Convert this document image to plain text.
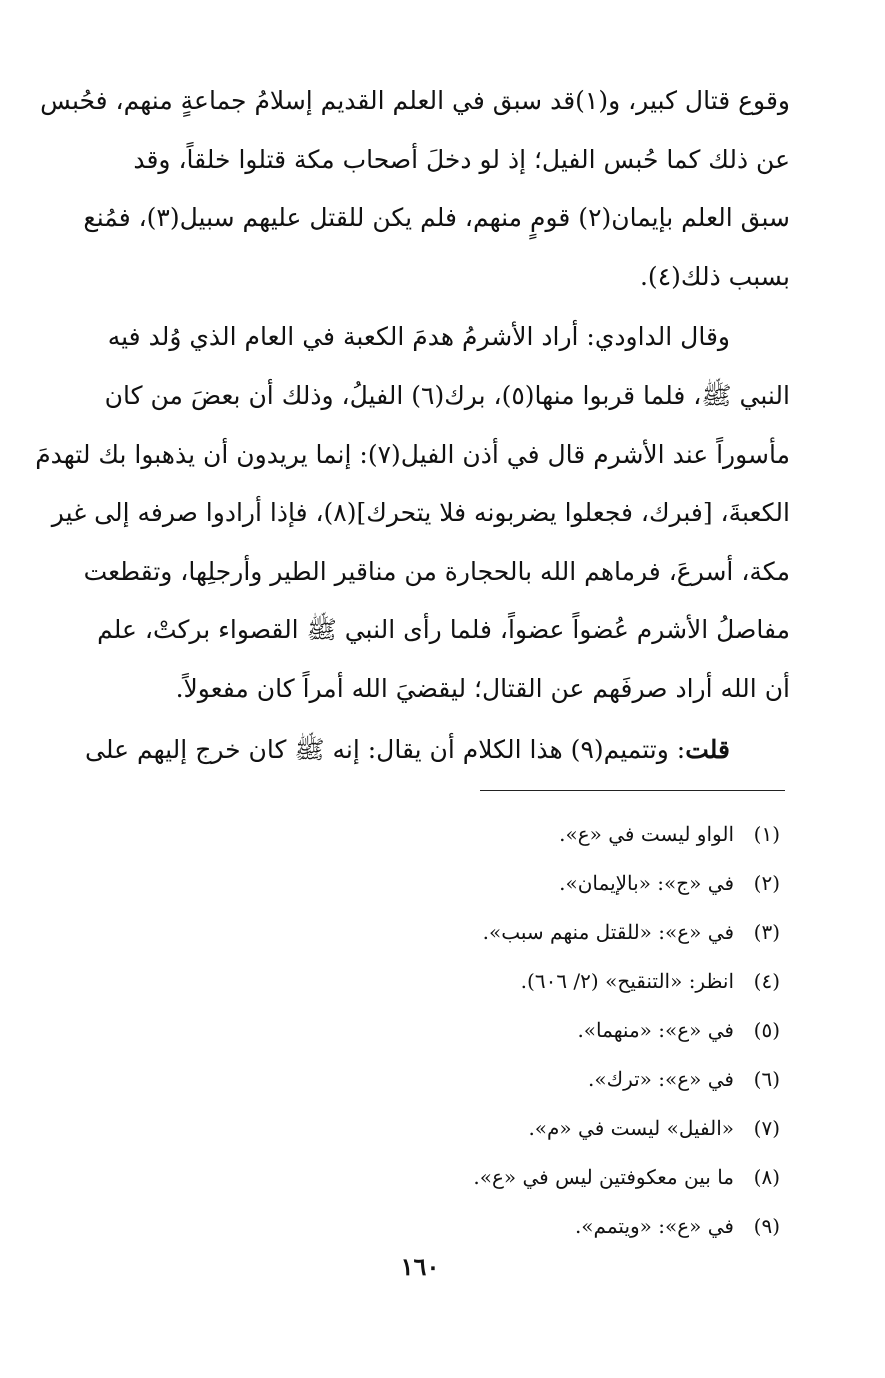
وقوع قتال كبير، و(١)قد سبق في العلم القديم إسلامُ جماعةٍ منهم، فحُبس
عن ذلك كما حُبس الفيل؛ إذ لو دخلَ أصحاب مكة قتلوا خلقاً، وقد
سبق العلم بإيمان(٢) قومٍ منهم، فلم يكن للقتل عليهم سبيل(٣)، فمُنع
بسبب ذلك(٤).
وقال الداودي: أراد الأشرمُ هدمَ الكعبة في العام الذي وُلد فيه
النبي ﷺ، فلما قربوا منها(٥)، برك(٦) الفيلُ، وذلك أن بعضَ من كان
مأسوراً عند الأشرم قال في أذن الفيل(٧): إنما يريدون أن يذهبوا بك لتهدمَ
الكعبةَ، [فبرك، فجعلوا يضربونه فلا يتحرك](٨)، فإذا أرادوا صرفه إلى غير
مكة، أسرعَ، فرماهم الله بالحجارة من مناقير الطير وأرجلِها، وتقطعت
مفاصلُ الأشرم عُضواً عضواً، فلما رأى النبي ﷺ القصواء بركتْ، علم
أن الله أراد صرفَهم عن القتال؛ ليقضيَ الله أمراً كان مفعولاً.
قلت: وتتميم(٩) هذا الكلام أن يقال: إنه ﷺ كان خرج إليهم على
(١)الواو ليست في «ع».
(٢)في «ج»: «بالإيمان».
(٣)في «ع»: «للقتل منهم سبب».
(٤)انظر: «التنقيح» (٢/ ٦٠٦).
(٥)في «ع»: «منهما».
(٦)في «ع»: «ترك».
(٧)«الفيل» ليست في «م».
(٨)ما بين معكوفتين ليس في «ع».
(٩)في «ع»: «ويتمم».
١٦٠
